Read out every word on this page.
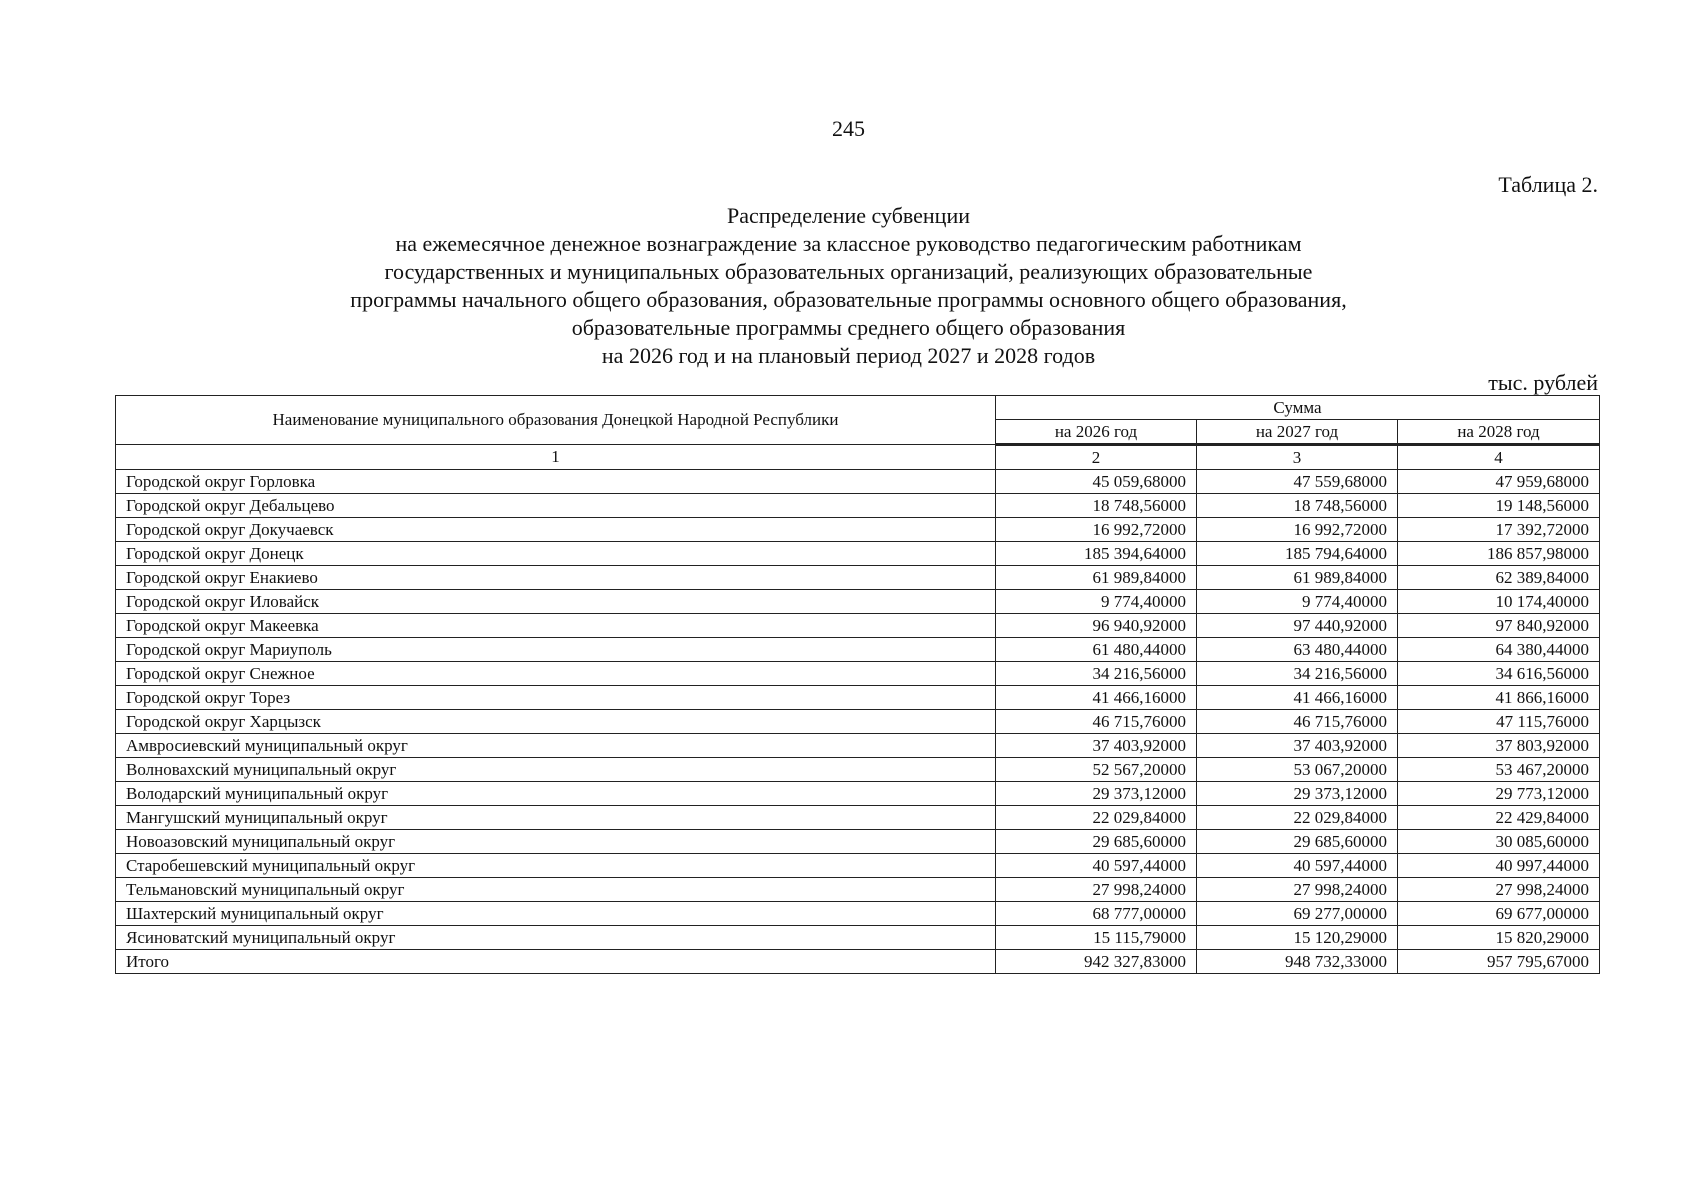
245
Таблица 2.
Распределение субвенции
на ежемесячное денежное вознаграждение за классное руководство педагогическим работникам
государственных и муниципальных образовательных организаций, реализующих образовательные
программы начального общего образования, образовательные программы основного общего образования,
образовательные программы среднего общего образования
на 2026 год и на плановый период 2027 и 2028 годов
тыс. рублей
Наименование муниципального образования Донецкой Народной Республики	Сумма		
	на 2026 год	на 2027 год	на 2028 год
1	2	3	4
Городской округ Горловка	45 059,68000	47 559,68000	47 959,68000
Городской округ Дебальцево	18 748,56000	18 748,56000	19 148,56000
Городской округ Докучаевск	16 992,72000	16 992,72000	17 392,72000
Городской округ Донецк	185 394,64000	185 794,64000	186 857,98000
Городской округ Енакиево	61 989,84000	61 989,84000	62 389,84000
Городской округ Иловайск	9 774,40000	9 774,40000	10 174,40000
Городской округ Макеевка	96 940,92000	97 440,92000	97 840,92000
Городской округ Мариуполь	61 480,44000	63 480,44000	64 380,44000
Городской округ Снежное	34 216,56000	34 216,56000	34 616,56000
Городской округ Торез	41 466,16000	41 466,16000	41 866,16000
Городской округ Харцызск	46 715,76000	46 715,76000	47 115,76000
Амвросиевский муниципальный округ	37 403,92000	37 403,92000	37 803,92000
Волновахский муниципальный округ	52 567,20000	53 067,20000	53 467,20000
Володарский муниципальный округ	29 373,12000	29 373,12000	29 773,12000
Мангушский муниципальный округ	22 029,84000	22 029,84000	22 429,84000
Новоазовский муниципальный округ	29 685,60000	29 685,60000	30 085,60000
Старобешевский муниципальный округ	40 597,44000	40 597,44000	40 997,44000
Тельмановский муниципальный округ	27 998,24000	27 998,24000	27 998,24000
Шахтерский муниципальный округ	68 777,00000	69 277,00000	69 677,00000
Ясиноватский муниципальный округ	15 115,79000	15 120,29000	15 820,29000
Итого	942 327,83000	948 732,33000	957 795,67000
